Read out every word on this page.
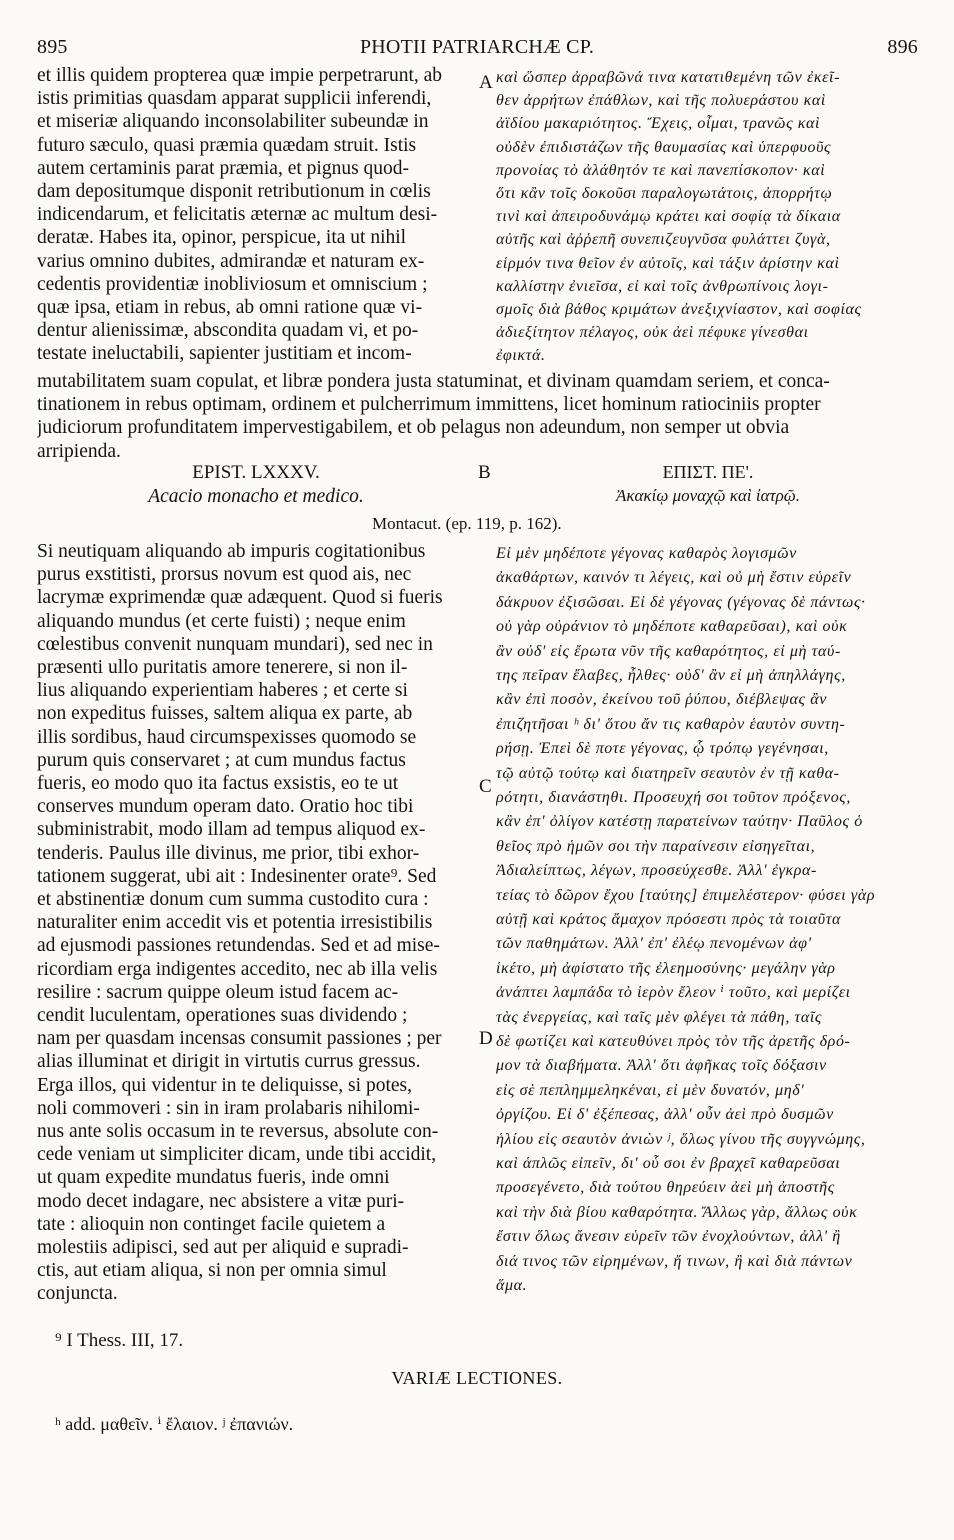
895	PHOTII PATRIARCHÆ CP.	896
et illis quidem propterea quæ impie perpetrarunt, ab
istis primitias quasdam apparat supplicii inferendi,
et miseriæ aliquando inconsolabiliter subeundæ in
futuro sæculo, quasi præmia quædam struit. Istis
autem certaminis parat præmia, et pignus quod-
dam depositumque disponit retributionum in cœlis
indicendarum, et felicitatis æternæ ac multum desi-
deratæ. Habes ita, opinor, perspicue, ita ut nihil
varius omnino dubites, admirandæ et naturam ex-
cedentis providentiæ inobliviosum et omniscium ;
quæ ipsa, etiam in rebus, ab omni ratione quæ vi-
dentur alienissimæ, abscondita quadam vi, et po-
testate ineluctabili, sapienter justitiam et incom-
καὶ ὥσπερ ἀρραβῶνά τινα κατατιθεμένη τῶν ἐκεῖ-
θεν ἀρρήτων ἐπάθλων, καὶ τῆς πολυεράστου καὶ
ἀϊδίου μακαριότητος. Ἔχεις, οἶμαι, τρανῶς καὶ
οὐδὲν ἐπιδιστάζων τῆς θαυμασίας καὶ ὑπερφυοῦς
προνοίας τὸ ἀλάθητόν τε καὶ πανεπίσκοπον· καὶ
ὅτι κἂν τοῖς δοκοῦσι παραλογωτάτοις, ἀπορρήτῳ
τινὶ καὶ ἀπειροδυνάμῳ κράτει καὶ σοφίᾳ τὰ δίκαια
αὐτῆς καὶ ἀῤῥεπῆ συνεπιζευγνῦσα φυλάττει ζυγὰ,
εἱρμόν τινα θεῖον ἐν αὐτοῖς, καὶ τάξιν ἀρίστην καὶ
καλλίστην ἐνιεῖσα, εἰ καὶ τοῖς ἀνθρωπίνοις λογι-
σμοῖς διὰ βάθος κριμάτων ἀνεξιχνίαστον, καὶ σοφίας
ἀδιεξίτητον πέλαγος, οὐκ ἀεὶ πέφυκε γίνεσθαι
ἐφικτά.
A
mutabilitatem suam copulat, et libræ pondera justa statuminat, et divinam quamdam seriem, et conca-
tinationem in rebus optimam, ordinem et pulcherrimum immittens, licet hominum ratiociniis propter
judiciorum profunditatem impervestigabilem, et ob pelagus non adeundum, non semper ut obvia
arripienda.
EPIST. LXXXV.	B	ΕΠΙΣΤ. ΠΕ'.
Acacio monacho et medico.	Ἀκακίῳ μοναχῷ καὶ ἰατρῷ.
Montacut. (ep. 119, p. 162).
Si neutiquam aliquando ab impuris cogitationibus
purus exstitisti, prorsus novum est quod ais, nec
lacrymæ exprimendæ quæ adæquent. Quod si fueris
aliquando mundus (et certe fuisti) ; neque enim
cœlestibus convenit nunquam mundari), sed nec in
præsenti ullo puritatis amore tenerere, si non il-
lius aliquando experientiam haberes ; et certe si
non expeditus fuisses, saltem aliqua ex parte, ab
illis sordibus, haud circumspexisses quomodo se
purum quis conservaret ; at cum mundus factus
fueris, eo modo quo ita factus exsistis, eo te ut
conserves mundum operam dato. Oratio hoc tibi
subministrabit, modo illam ad tempus aliquod ex-
tenderis. Paulus ille divinus, me prior, tibi exhor-
tationem suggerat, ubi ait : Indesinenter orate⁹. Sed
et abstinentiæ donum cum summa custodito cura :
naturaliter enim accedit vis et potentia irresistibilis
ad ejusmodi passiones retundendas. Sed et ad mise-
ricordiam erga indigentes accedito, nec ab illa velis
resilire : sacrum quippe oleum istud facem ac-
cendit luculentam, operationes suas dividendo ;
nam per quasdam incensas consumit passiones ; per
alias illuminat et dirigit in virtutis currus gressus.
Erga illos, qui videntur in te deliquisse, si potes,
noli commoveri : sin in iram prolabaris nihilomi-
nus ante solis occasum in te reversus, absolute con-
cede veniam ut simpliciter dicam, unde tibi accidit,
ut quam expedite mundatus fueris, inde omni
modo decet indagare, nec absistere a vitæ puri-
tate : alioquin non continget facile quietem a
molestiis adipisci, sed aut per aliquid e supradi-
ctis, aut etiam aliqua, si non per omnia simul
conjuncta.
Εἰ μὲν μηδέποτε γέγονας καθαρὸς λογισμῶν
ἀκαθάρτων, καινόν τι λέγεις, καὶ οὐ μὴ ἔστιν εὑρεῖν
δάκρυον ἐξισῶσαι. Εἰ δὲ γέγονας (γέγονας δὲ πάντως·
οὐ γὰρ οὐράνιον τὸ μηδέποτε καθαρεῦσαι), καὶ οὐκ
ἂν οὐδ' εἰς ἔρωτα νῦν τῆς καθαρότητος, εἰ μὴ ταύ-
της πεῖραν ἔλαβες, ἦλθες· οὐδ' ἂν εἰ μὴ ἀπηλλάγης,
κἂν ἐπὶ ποσὸν, ἐκείνου τοῦ ῥύπου, διέβλεψας ἂν
ἐπιζητῆσαι ʰ δι' ὅτου ἄν τις καθαρὸν ἑαυτὸν συντη-
ρήσῃ. Ἐπεὶ δὲ ποτε γέγονας, ᾧ τρόπῳ γεγένησαι,
τῷ αὐτῷ τούτῳ καὶ διατηρεῖν σεαυτὸν ἐν τῇ καθα-
ρότητι, διανάστηθι. Προσευχή σοι τοῦτον πρόξενος,
κἂν ἐπ' ὀλίγον κατέστῃ παρατείνων ταύτην· Παῦλος ὁ
θεῖος πρὸ ἡμῶν σοι τὴν παραίνεσιν εἰσηγεῖται,
Ἀδιαλείπτως, λέγων, προσεύχεσθε. Ἀλλ' ἐγκρα-
τείας τὸ δῶρον ἔχου [ταύτης] ἐπιμελέστερον· φύσει γὰρ
αὐτῇ καὶ κράτος ἄμαχον πρόσεστι πρὸς τὰ τοιαῦτα
τῶν παθημάτων. Ἀλλ' ἐπ' ἐλέῳ πενομένων ἀφ'
ἱκέτο, μὴ ἀφίστατο τῆς ἐλεημοσύνης· μεγάλην γὰρ
ἀνάπτει λαμπάδα τὸ ἱερὸν ἔλεον ⁱ τοῦτο, καὶ μερίζει
τὰς ἐνεργείας, καὶ ταῖς μὲν φλέγει τὰ πάθη, ταῖς
δὲ φωτίζει καὶ κατευθύνει πρὸς τὸν τῆς ἀρετῆς δρό-
μον τὰ διαβήματα. Ἀλλ' ὅτι ἀφῆκας τοῖς δόξασιν
εἰς σὲ πεπλημμεληκέναι, εἰ μὲν δυνατόν, μηδ'
ὀργίζου. Εἰ δ' ἐξέπεσας, ἀλλ' οὖν ἀεὶ πρὸ δυσμῶν
ἡλίου εἰς σεαυτὸν ἀνιὼν ʲ, ὅλως γίνου τῆς συγγνώμης,
καὶ ἁπλῶς εἰπεῖν, δι' οὗ σοι ἐν βραχεῖ καθαρεῦσαι
προσεγένετο, διὰ τούτου θηρεύειν ἀεὶ μὴ ἀποστῆς
καὶ τὴν διὰ βίου καθαρότητα. Ἄλλως γὰρ, ἄλλως οὐκ
ἔστιν ὅλως ἄνεσιν εὑρεῖν τῶν ἐνοχλούντων, ἀλλ' ἢ
διά τινος τῶν εἰρημένων, ἤ τινων, ἢ καὶ διὰ πάντων
ἅμα.
C
D
⁹ I Thess. III, 17.
VARIÆ LECTIONES.
ʰ add. μαθεῖν. ⁱ ἔλαιον. ʲ ἐπανιών.
